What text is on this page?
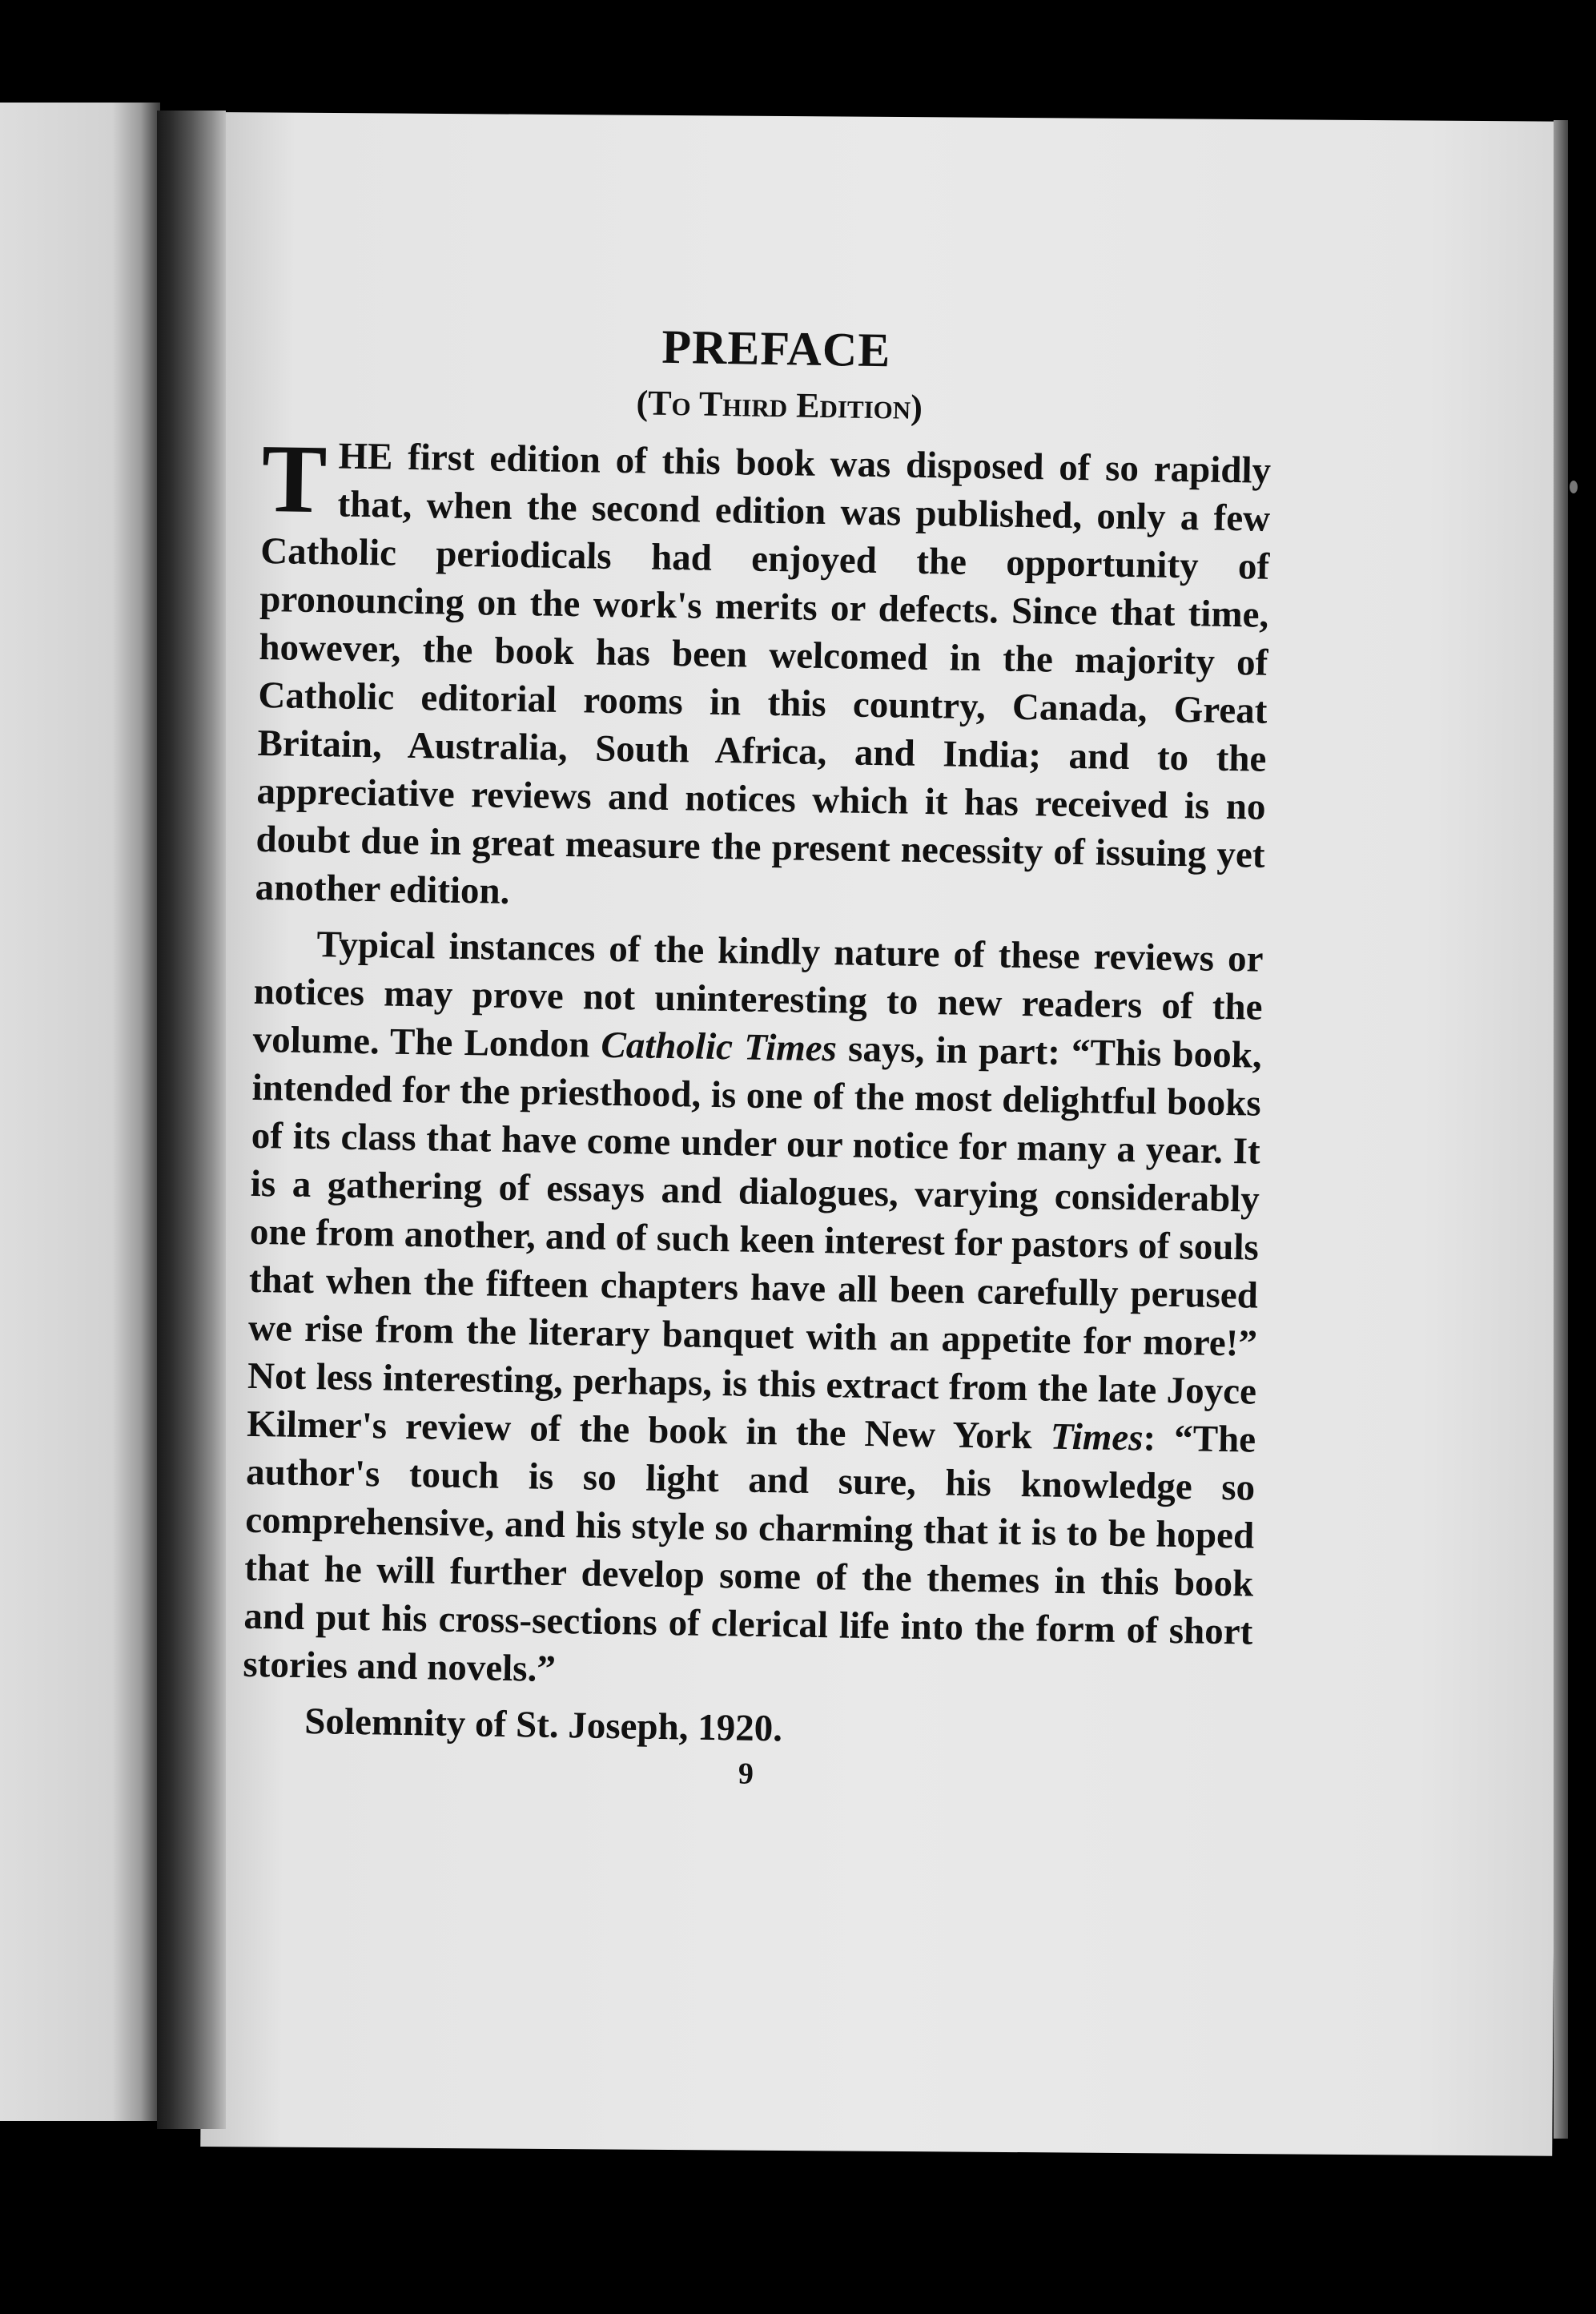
PREFACE
(To Third Edition)

THE first edition of this book was disposed of so rapidly that, when the second edition was published, only a few Catholic periodicals had enjoyed the opportunity of pronouncing on the work's merits or defects. Since that time, however, the book has been welcomed in the majority of Catholic editorial rooms in this country, Canada, Great Britain, Australia, South Africa, and India; and to the appreciative reviews and notices which it has received is no doubt due in great measure the present necessity of issuing yet another edition.

Typical instances of the kindly nature of these reviews or notices may prove not uninteresting to new readers of the volume. The London Catholic Times says, in part: “This book, intended for the priesthood, is one of the most delightful books of its class that have come under our notice for many a year. It is a gathering of essays and dialogues, varying considerably one from another, and of such keen interest for pastors of souls that when the fifteen chapters have all been carefully perused we rise from the literary banquet with an appetite for more!” Not less interesting, perhaps, is this extract from the late Joyce Kilmer's review of the book in the New York Times: “The author's touch is so light and sure, his knowledge so comprehensive, and his style so charming that it is to be hoped that he will further develop some of the themes in this book and put his cross-sections of clerical life into the form of short stories and novels.”

Solemnity of St. Joseph, 1920.
9
